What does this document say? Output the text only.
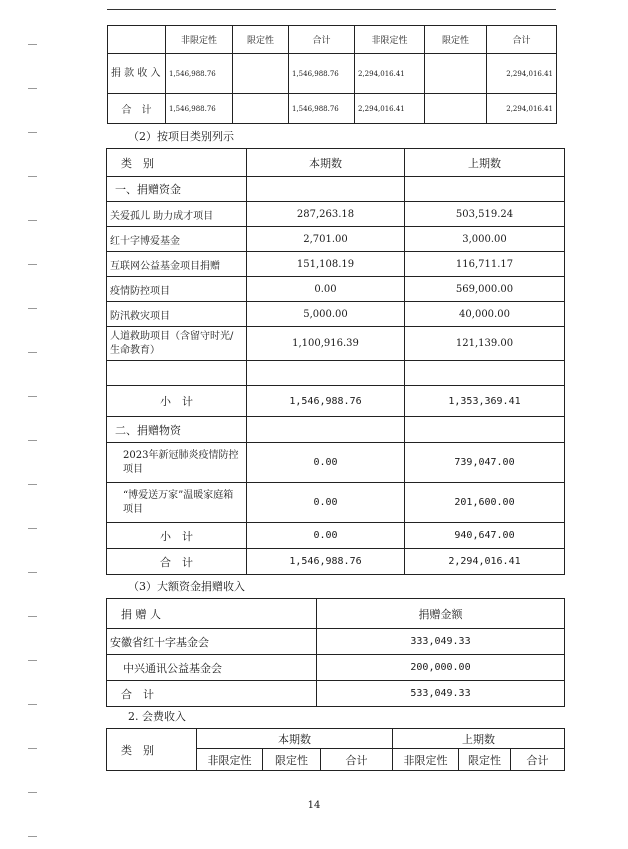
	非限定性	限定性	合计	非限定性	限定性	合计
捐 款 收 入	1,546,988.76		1,546,988.76	2,294,016.41		2,294,016.41
合　计	1,546,988.76		1,546,988.76	2,294,016.41		2,294,016.41
（2）按项目类别列示
类　别	本期数	上期数
一、捐赠资金		
关爱孤儿 助力成才项目	287,263.18	503,519.24
红十字博爱基金	2,701.00	3,000.00
互联网公益基金项目捐赠	151,108.19	116,711.17
疫情防控项目	0.00	569,000.00
防汛救灾项目	5,000.00	40,000.00
人道救助项目（含留守时光/生命教育）	1,100,916.39	121,139.00

小　计	1,546,988.76	1,353,369.41
二、捐赠物资		
2023年新冠肺炎疫情防控项目	0.00	739,047.00
“博爱送万家”温暖家庭箱项目	0.00	201,600.00
小　计	0.00	940,647.00
合　计	1,546,988.76	2,294,016.41
（3）大额资金捐赠收入
捐 赠 人	捐赠金额
安徽省红十字基金会	333,049.33
中兴通讯公益基金会	200,000.00
合　计	533,049.33
2. 会费收入
类　别	本期数			上期数		
	非限定性	限定性	合计	非限定性	限定性	合计
14
